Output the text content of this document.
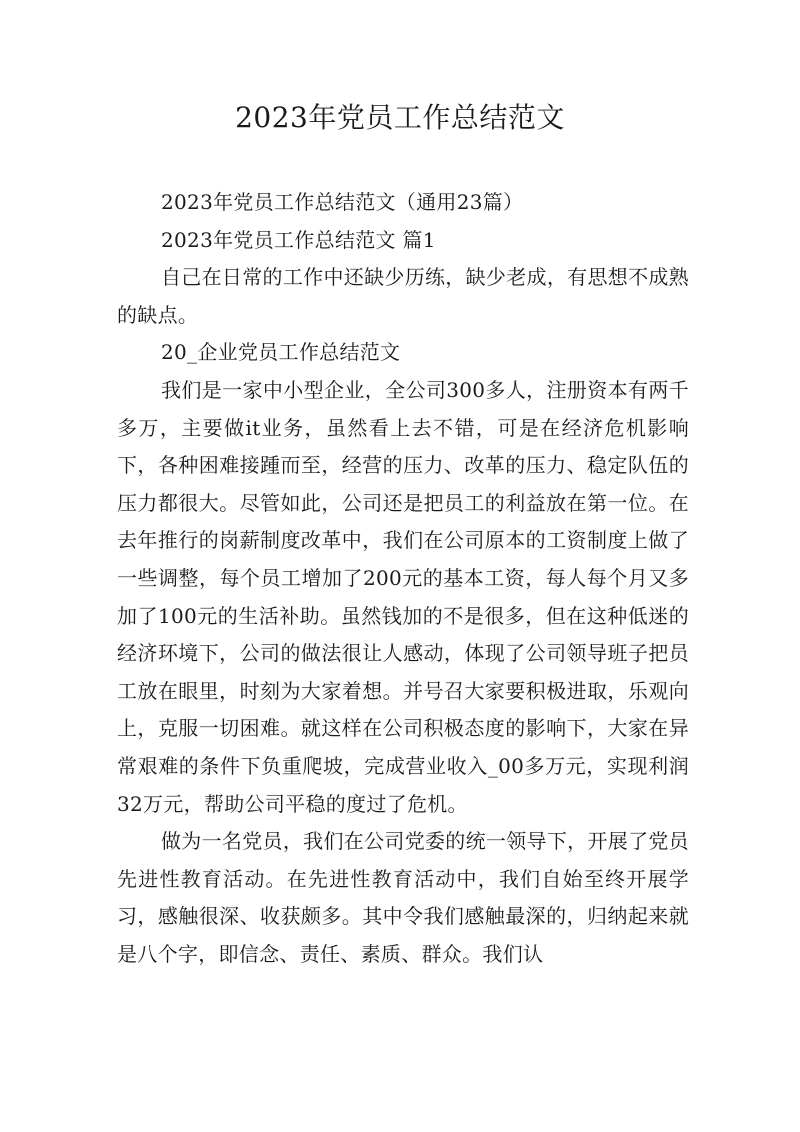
2023年党员工作总结范文

2023年党员工作总结范文（通用23篇）

2023年党员工作总结范文 篇1

自己在日常的工作中还缺少历练，缺少老成，有思想不成熟的缺点。

20_企业党员工作总结范文

我们是一家中小型企业，全公司300多人，注册资本有两千多万，主要做it业务，虽然看上去不错，可是在经济危机影响下，各种困难接踵而至，经营的压力、改革的压力、稳定队伍的压力都很大。尽管如此，公司还是把员工的利益放在第一位。在去年推行的岗薪制度改革中，我们在公司原本的工资制度上做了一些调整，每个员工增加了200元的基本工资，每人每个月又多加了100元的生活补助。虽然钱加的不是很多，但在这种低迷的经济环境下，公司的做法很让人感动，体现了公司领导班子把员工放在眼里，时刻为大家着想。并号召大家要积极进取，乐观向上，克服一切困难。就这样在公司积极态度的影响下，大家在异常艰难的条件下负重爬坡，完成营业收入_00多万元，实现利润32万元，帮助公司平稳的度过了危机。

做为一名党员，我们在公司党委的统一领导下，开展了党员先进性教育活动。在先进性教育活动中，我们自始至终开展学习，感触很深、收获颇多。其中令我们感触最深的，归纳起来就是八个字，即信念、责任、素质、群众。我们认
